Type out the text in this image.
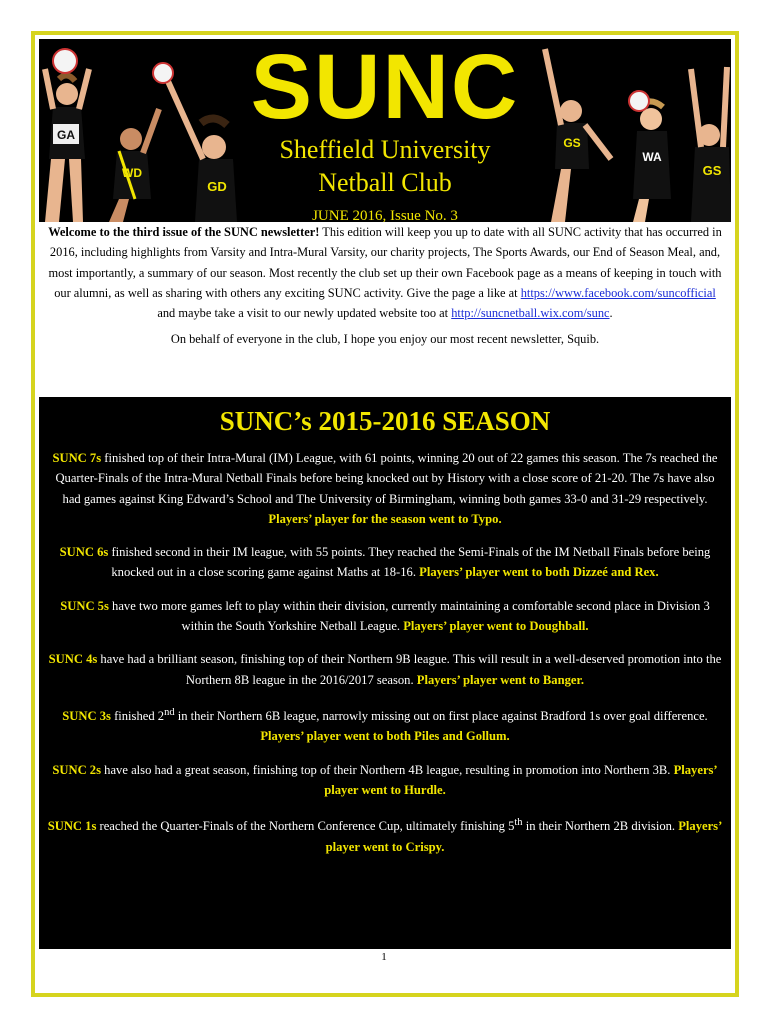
GA
WD
GD
GS
WA
GS
SUNC
Sheffield University
Netball Club
JUNE 2016, Issue No. 3

Welcome to the third issue of the SUNC newsletter! This edition will keep you up to date with all SUNC activity that has occurred in 2016, including highlights from Varsity and Intra-Mural Varsity, our charity projects, The Sports Awards, our End of Season Meal, and, most importantly, a summary of our season. Most recently the club set up their own Facebook page as a means of keeping in touch with our alumni, as well as sharing with others any exciting SUNC activity. Give the page a like at https://www.facebook.com/suncofficial and maybe take a visit to our newly updated website too at http://suncnetball.wix.com/sunc.

On behalf of everyone in the club, I hope you enjoy our most recent newsletter, Squib.

SUNC’s 2015-2016 SEASON
SUNC 7s finished top of their Intra-Mural (IM) League, with 61 points, winning 20 out of 22 games this season. The 7s reached the Quarter-Finals of the Intra-Mural Netball Finals before being knocked out by History with a close score of 21-20. The 7s have also had games against King Edward’s School and The University of Birmingham, winning both games 33-0 and 31-29 respectively. Players’ player for the season went to Typo.
SUNC 6s finished second in their IM league, with 55 points. They reached the Semi-Finals of the IM Netball Finals before being knocked out in a close scoring game against Maths at 18-16. Players’ player went to both Dizzeé and Rex.
SUNC 5s have two more games left to play within their division, currently maintaining a comfortable second place in Division 3 within the South Yorkshire Netball League. Players’ player went to Doughball.
SUNC 4s have had a brilliant season, finishing top of their Northern 9B league. This will result in a well-deserved promotion into the Northern 8B league in the 2016/2017 season. Players’ player went to Banger.
SUNC 3s finished 2nd in their Northern 6B league, narrowly missing out on first place against Bradford 1s over goal difference. Players’ player went to both Piles and Gollum.
SUNC 2s have also had a great season, finishing top of their Northern 4B league, resulting in promotion into Northern 3B. Players’ player went to Hurdle.
SUNC 1s reached the Quarter-Finals of the Northern Conference Cup, ultimately finishing 5th in their Northern 2B division. Players’ player went to Crispy.
1
